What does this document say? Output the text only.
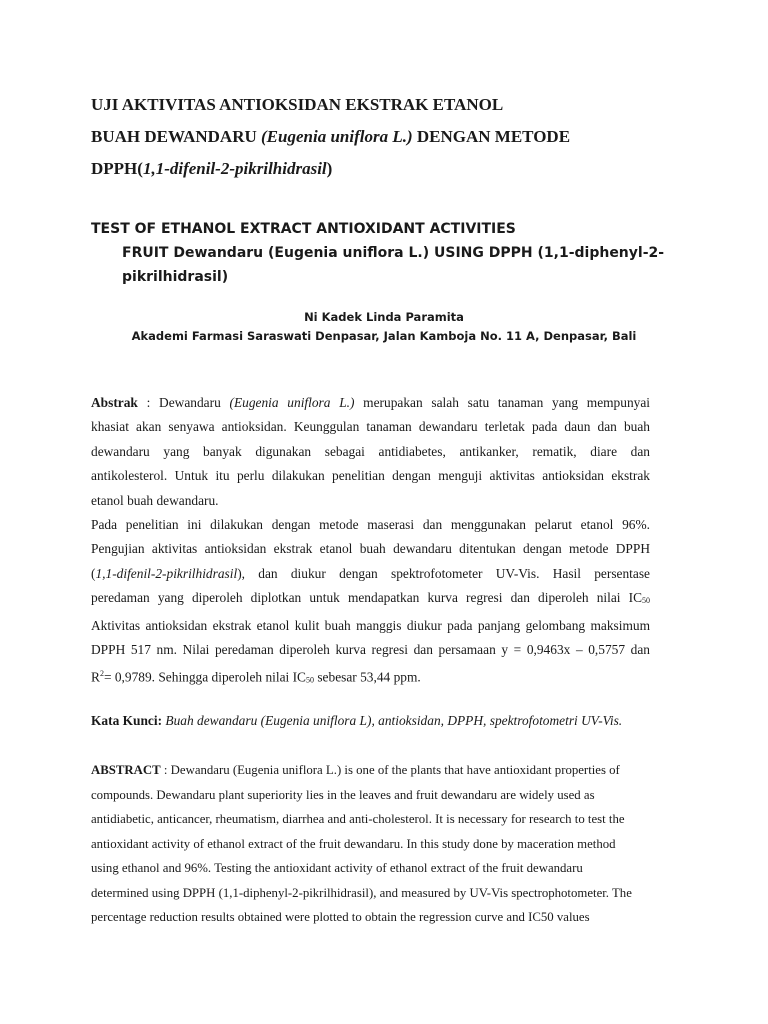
UJI AKTIVITAS ANTIOKSIDAN EKSTRAK ETANOL
BUAH DEWANDARU (Eugenia uniflora L.) DENGAN METODE
DPPH(1,1-difenil-2-pikrilhidrasil)
TEST OF ETHANOL EXTRACT ANTIOXIDANT ACTIVITIES
FRUIT Dewandaru (Eugenia uniflora L.) USING DPPH (1,1-diphenyl-2-
pikrilhidrasil)
Ni Kadek Linda Paramita
Akademi Farmasi Saraswati Denpasar, Jalan Kamboja No. 11 A, Denpasar, Bali
Abstrak : Dewandaru (Eugenia uniflora L.) merupakan salah satu tanaman yang mempunyai
khasiat akan senyawa antioksidan. Keunggulan tanaman dewandaru terletak pada daun dan buah
dewandaru yang banyak digunakan sebagai antidiabetes, antikanker, rematik, diare dan
antikolesterol. Untuk itu perlu dilakukan penelitian dengan menguji aktivitas antioksidan ekstrak
etanol buah dewandaru.
Pada penelitian ini dilakukan dengan metode maserasi dan menggunakan pelarut etanol 96%.
Pengujian aktivitas antioksidan ekstrak etanol buah dewandaru ditentukan dengan metode DPPH
(1,1-difenil-2-pikrilhidrasil), dan diukur dengan spektrofotometer UV-Vis. Hasil persentase
peredaman yang diperoleh diplotkan untuk mendapatkan kurva regresi dan diperoleh nilai $IC_{50}$
Aktivitas antioksidan ekstrak etanol kulit buah manggis diukur pada panjang gelombang maksimum
DPPH 517 nm. Nilai peredaman diperoleh kurva regresi dan persamaan y = 0,9463x – 0,5757 dan
$R^2= 0,9789$. Sehingga diperoleh nilai $IC_{50}$ sebesar 53,44 ppm.
Kata Kunci: Buah dewandaru (Eugenia uniflora L), antioksidan, DPPH, spektrofotometri UV-Vis.
ABSTRACT : Dewandaru (Eugenia uniflora L.) is one of the plants that have antioxidant properties of
compounds. Dewandaru plant superiority lies in the leaves and fruit dewandaru are widely used as
antidiabetic, anticancer, rheumatism, diarrhea and anti-cholesterol. It is necessary for research to test the
antioxidant activity of ethanol extract of the fruit dewandaru. In this study done by maceration method
using ethanol and 96%. Testing the antioxidant activity of ethanol extract of the fruit dewandaru
determined using DPPH (1,1-diphenyl-2-pikrilhidrasil), and measured by UV-Vis spectrophotometer. The
percentage reduction results obtained were plotted to obtain the regression curve and IC50 values
